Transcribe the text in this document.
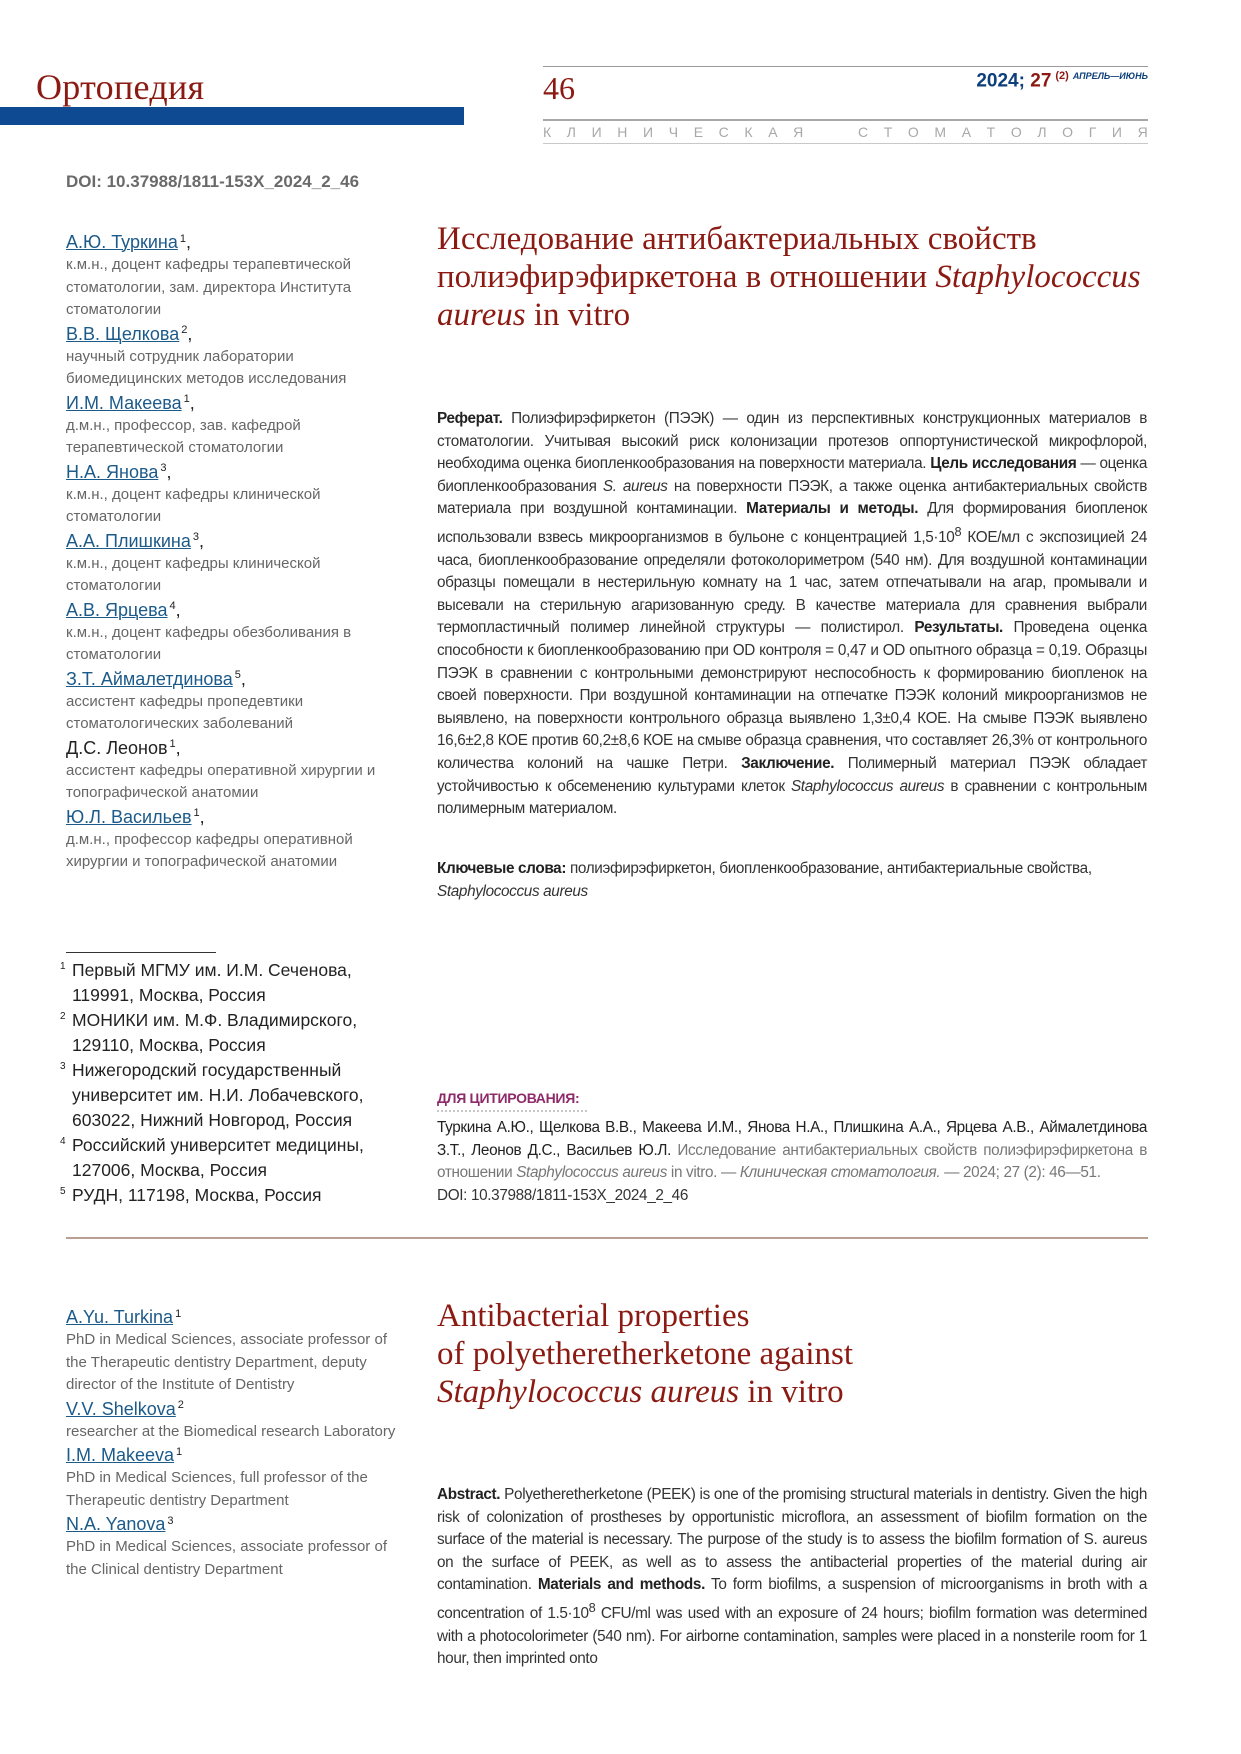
Ортопедия	46	2024; 27 $^{(2)}$ $^{АПРЕЛЬ—ИЮНЬ}$
К Л И Н И Ч Е С К А Я

	С Т О М А Т О Л О Г И Я
DOI: 10.37988/1811-153X_2024_2_46
А.Ю. Туркина $^1$,
к.м.н., доцент кафедры терапевтической стоматологии, зам. директора Института стоматологии
В.В. Щелкова $^2$,
научный сотрудник лаборатории биомедицинских методов исследования
И.М. Макеева $^1$,
д.м.н., профессор, зав. кафедрой терапевтической стоматологии
Н.А. Янова $^3$,
к.м.н., доцент кафедры клинической стоматологии
А.А. Плишкина $^3$,
к.м.н., доцент кафедры клинической стоматологии
А.В. Ярцева $^4$,
к.м.н., доцент кафедры обезболивания в стоматологии
З.Т. Аймалетдинова $^5$,
ассистент кафедры пропедевтики стоматологических заболеваний
Д.С. Леонов $^1$,
ассистент кафедры оперативной хирургии и топографической анатомии
Ю.Л. Васильев $^1$,
д.м.н., профессор кафедры оперативной хирургии и топографической анатомии
1 Первый МГМУ им. И.М. Сеченова, 119991, Москва, Россия
2 МОНИКИ им. М.Ф. Владимирского, 129110, Москва, Россия
3 Нижегородский государственный университет им. Н.И. Лобачевского, 603022, Нижний Новгород, Россия
4 Российский университет медицины, 127006, Москва, Россия
5 РУДН, 117198, Москва, Россия
Исследование антибактериальных свойств полиэфирэфиркетона в отношении Staphylococcus aureus in vitro
Реферат. Полиэфирэфиркетон (ПЭЭК) — один из перспективных конструкционных материалов в стоматологии. Учитывая высокий риск колонизации протезов оппортунистической микрофлорой, необходима оценка биопленкообразования на поверхности материала. Цель исследования — оценка биопленкообразования S. aureus на поверхности ПЭЭК, а также оценка антибактериальных свойств материала при воздушной контаминации. Материалы и методы. Для формирования биопленок использовали взвесь микроорганизмов в бульоне с концентрацией $1,5\cdot 10^8$ КОЕ/мл с экспозицией 24 часа, биопленкообразование определяли фотоколориметром (540 нм). Для воздушной контаминации образцы помещали в нестерильную комнату на 1 час, затем отпечатывали на агар, промывали и высевали на стерильную агаризованную среду. В качестве материала для сравнения выбрали термопластичный полимер линейной структуры — полистирол. Результаты. Проведена оценка способности к биопленкообразованию при OD контроля = 0,47 и OD опытного образца = 0,19. Образцы ПЭЭК в сравнении с контрольными демонстрируют неспособность к формированию биопленок на своей поверхности. При воздушной контаминации на отпечатке ПЭЭК колоний микроорганизмов не выявлено, на поверхности контрольного образца выявлено 1,3±0,4 КОЕ. На смыве ПЭЭК выявлено 16,6±2,8 КОЕ против 60,2±8,6 КОЕ на смыве образца сравнения, что составляет 26,3% от контрольного количества колоний на чашке Петри. Заключение. Полимерный материал ПЭЭК обладает устойчивостью к обсеменению культурами клеток Staphylococcus aureus в сравнении с контрольным полимерным материалом.
Ключевые слова: полиэфирэфиркетон, биопленкообразование, антибактериальные свойства, Staphylococcus aureus
ДЛЯ ЦИТИРОВАНИЯ:
Туркина А.Ю., Щелкова В.В., Макеева И.М., Янова Н.А., Плишкина А.А., Ярцева А.В., Аймалетдинова З.Т., Леонов Д.С., Васильев Ю.Л. Исследование антибактериальных свойств полиэфирэфиркетона в отношении Staphylococcus aureus in vitro. — Клиническая стоматология. — 2024; 27 (2): 46—51.
DOI: 10.37988/1811-153X_2024_2_46
A.Yu. Turkina $^1$
PhD in Medical Sciences, associate professor of the Therapeutic dentistry Department, deputy director of the Institute of Dentistry
V.V. Shelkova $^2$
researcher at the Biomedical research Laboratory
I.M. Makeeva $^1$
PhD in Medical Sciences, full professor of the Therapeutic dentistry Department
N.A. Yanova $^3$
PhD in Medical Sciences, associate professor of the Clinical dentistry Department
Antibacterial properties
of polyetheretherketone against
Staphylococcus aureus in vitro
Abstract. Polyetheretherketone (PEEK) is one of the promising structural materials in dentistry. Given the high risk of colonization of prostheses by opportunistic microflora, an assessment of biofilm formation on the surface of the material is necessary. The purpose of the study is to assess the biofilm formation of S. aureus on the surface of PEEK, as well as to assess the antibacterial properties of the material during air contamination. Materials and methods. To form biofilms, a suspension of microorganisms in broth with a concentration of $1.5\cdot 10^8$ CFU/ml was used with an exposure of 24 hours; biofilm formation was determined with a photocolorimeter (540 nm). For airborne contamination, samples were placed in a nonsterile room for 1 hour, then imprinted onto
